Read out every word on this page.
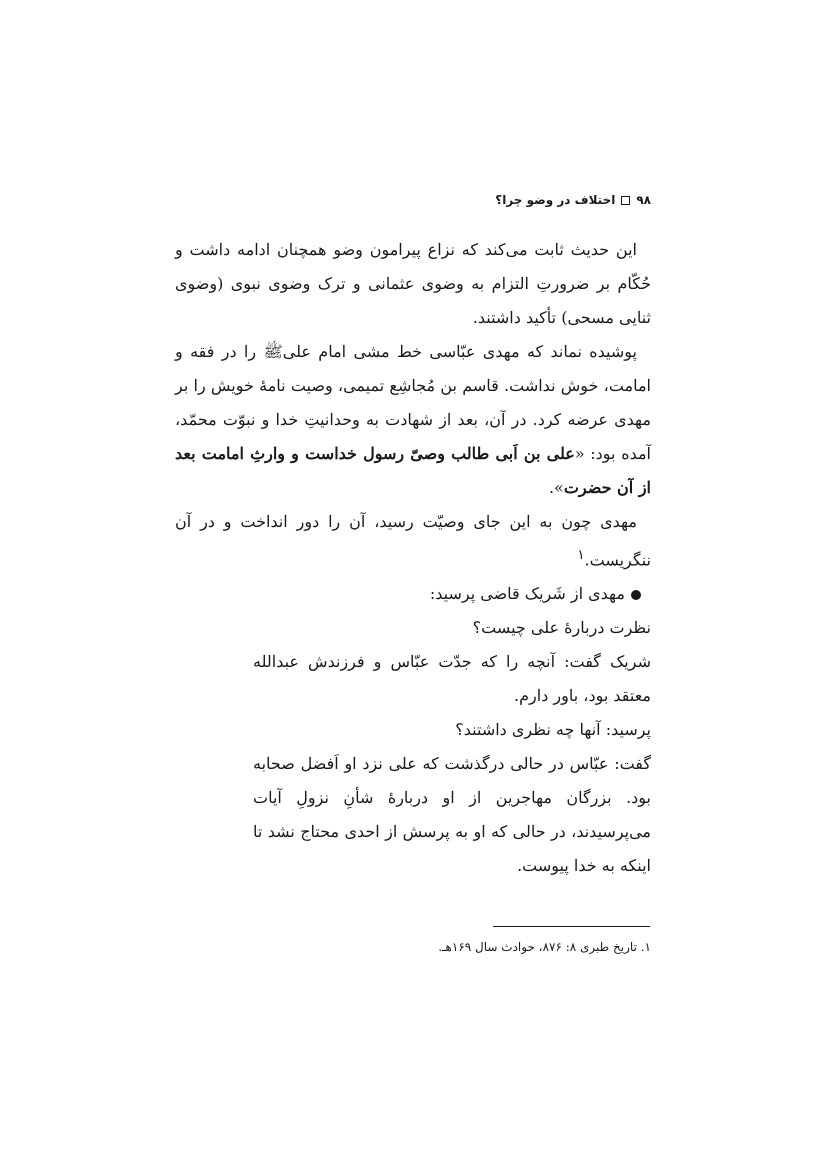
۹۸
اختلاف در وضو چرا؟

این حدیث ثابت می‌کند که نزاع پیرامون وضو همچنان ادامه داشت و حُکّام بر ضرورتِ التزام به وضوی عثمانی و ترک وضوی نبوی (وضوی ثنایی مسحی) تأکید داشتند.

پوشیده نماند که مهدی عبّاسی خط مشی امام علیﷺ را در فقه و امامت، خوش نداشت. قاسم بن مُجاشِع تمیمی، وصیت نامهٔ خویش را بر مهدی عرضه کرد. در آن، بعد از شهادت به وحدانیتِ خدا و نبوّت محمّد، آمده بود: «علی بن اَبی طالب وصیّ رسول خداست و وارثِ امامت بعد از آن حضرت».

مهدی چون به این جای وصیّت رسید، آن را دور انداخت و در آن ننگریست.$^۱$

مهدی از شَریک قاضی پرسید:

نظرت دربارهٔ علی چیست؟

شریک گفت: آنچه را که جدّت عبّاس و فرزندش عبدالله معتقد بود، باور دارم.

پرسید: آنها چه نظری داشتند؟

گفت: عبّاس در حالی درگذشت که علی نزد او اَفضل صحابه بود. بزرگان مهاجرین از او دربارهٔ شأنِ نزولِ آیات می‌پرسیدند، در حالی که او به پرسش از احدی محتاج نشد تا اینکه به خدا پیوست.

۱. تاریخ طبری ۸: ۸۷۶، حوادث سال ۱۶۹هـ.
